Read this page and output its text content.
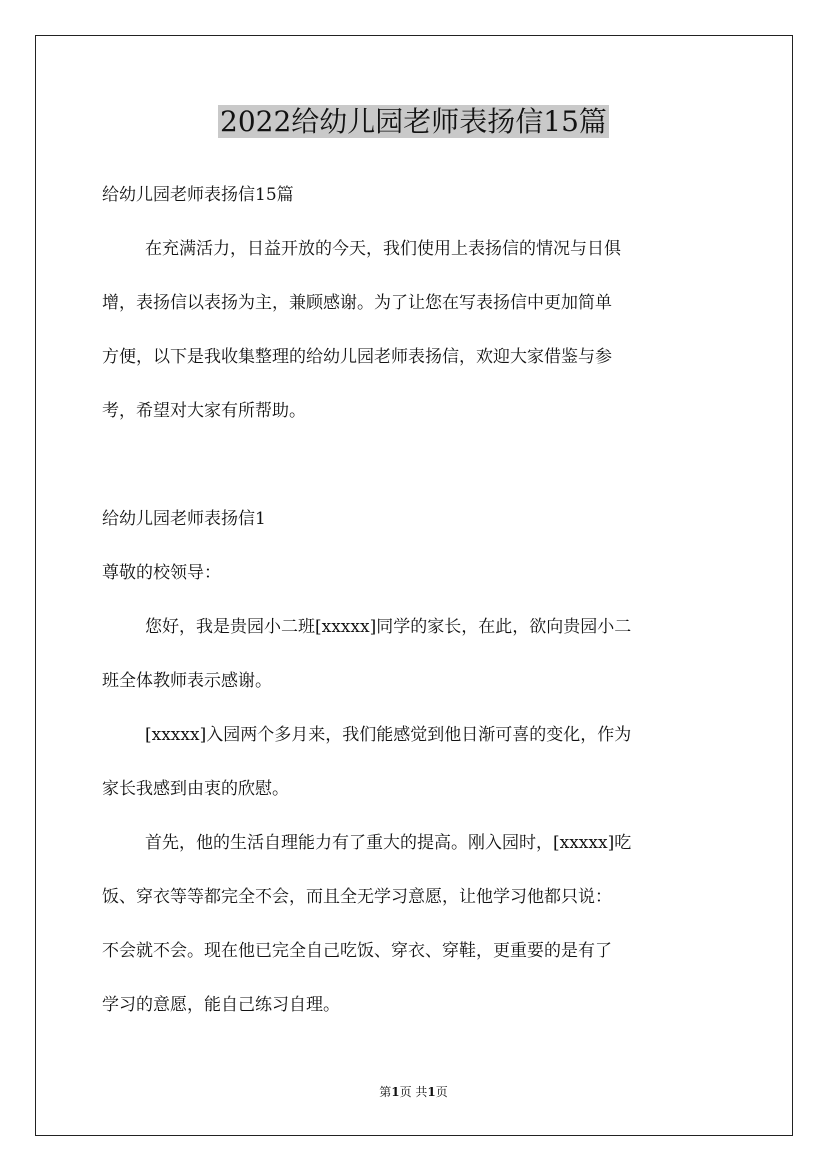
2022给幼儿园老师表扬信15篇

给幼儿园老师表扬信15篇

在充满活力，日益开放的今天，我们使用上表扬信的情况与日俱

增，表扬信以表扬为主，兼顾感谢。为了让您在写表扬信中更加简单

方便，以下是我收集整理的给幼儿园老师表扬信，欢迎大家借鉴与参

考，希望对大家有所帮助。

给幼儿园老师表扬信1

尊敬的校领导：

您好，我是贵园小二班[xxxxx]同学的家长，在此，欲向贵园小二

班全体教师表示感谢。

[xxxxx]入园两个多月来，我们能感觉到他日渐可喜的变化，作为

家长我感到由衷的欣慰。

首先，他的生活自理能力有了重大的提高。刚入园时，[xxxxx]吃

饭、穿衣等等都完全不会，而且全无学习意愿，让他学习他都只说：

不会就不会。现在他已完全自己吃饭、穿衣、穿鞋，更重要的是有了

学习的意愿，能自己练习自理。

第1页 共1页
